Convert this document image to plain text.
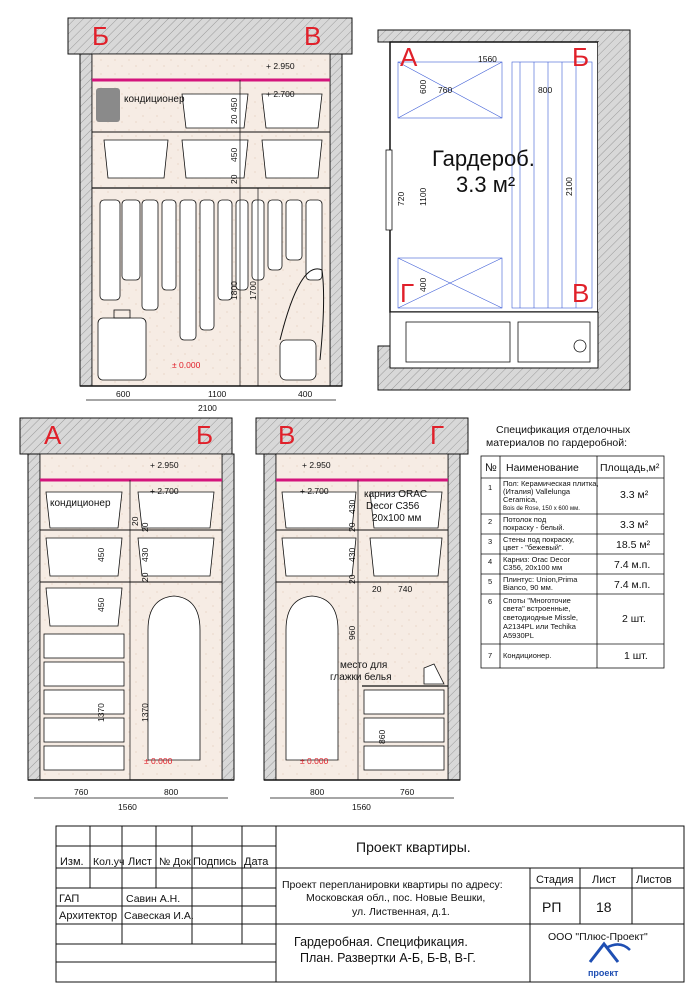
Б	В
+ 2.950
+ 2.700
± 0.000
кондиционер	450
20
450
20
1800 1700
600	1100	400
2100
А	Б
Г	В
Гардероб.
3.3 м²
1560
760	800
600
720 1100
2100
400
А	Б
+ 2.950
+ 2.700
± 0.000
кондиционер
20
450	430
20
450
20
1370	1370
760	800
1560
В	Г
+ 2.950
+ 2.700
± 0.000
карниз ORAC
Decor C356
20x100 мм
место для
глажки белья
430
20
430
20
960
860
20 740
800	760
1560
Спецификация отделочных
материалов по гардеробной:
№ Наименование Площадь,м²
1 Пол: Керамическая плитка,
(Италия) Vallelunga
Ceramica,
Bois de Rose, 150 x 600 мм.
3.3 м²
2 Потолок под
покраску - белый.	3.3 м²
3 Стены под покраску,
цвет - "бежевый".	18.5 м²
4 Карниз: Orac Decor
C356, 20x100 мм	7.4 м.п.
5 Плинтус: Union,Prima
Bianco, 90 мм.	7.4 м.п.
6 Споты "Многоточие
света" встроенные,
светодиодные Missle,
A2134PL или Techika
A5930PL
2 шт.
7 Кондиционер.	1 шт.
Проект квартиры.
Изм. Кол.уч Лист № Док Подпись Дата
ГАП	Савин А.Н.
Архитектор Савеская И.А.
Проект перепланировки квартиры по адресу:
Московская обл., пос. Новые Вешки,
ул. Лиственная, д.1.
Стадия Лист Листов
РП 18
Гардеробная. Спецификация.
План. Развертки А-Б, Б-В, В-Г.
ООО "Плюс-Проект"
проект
